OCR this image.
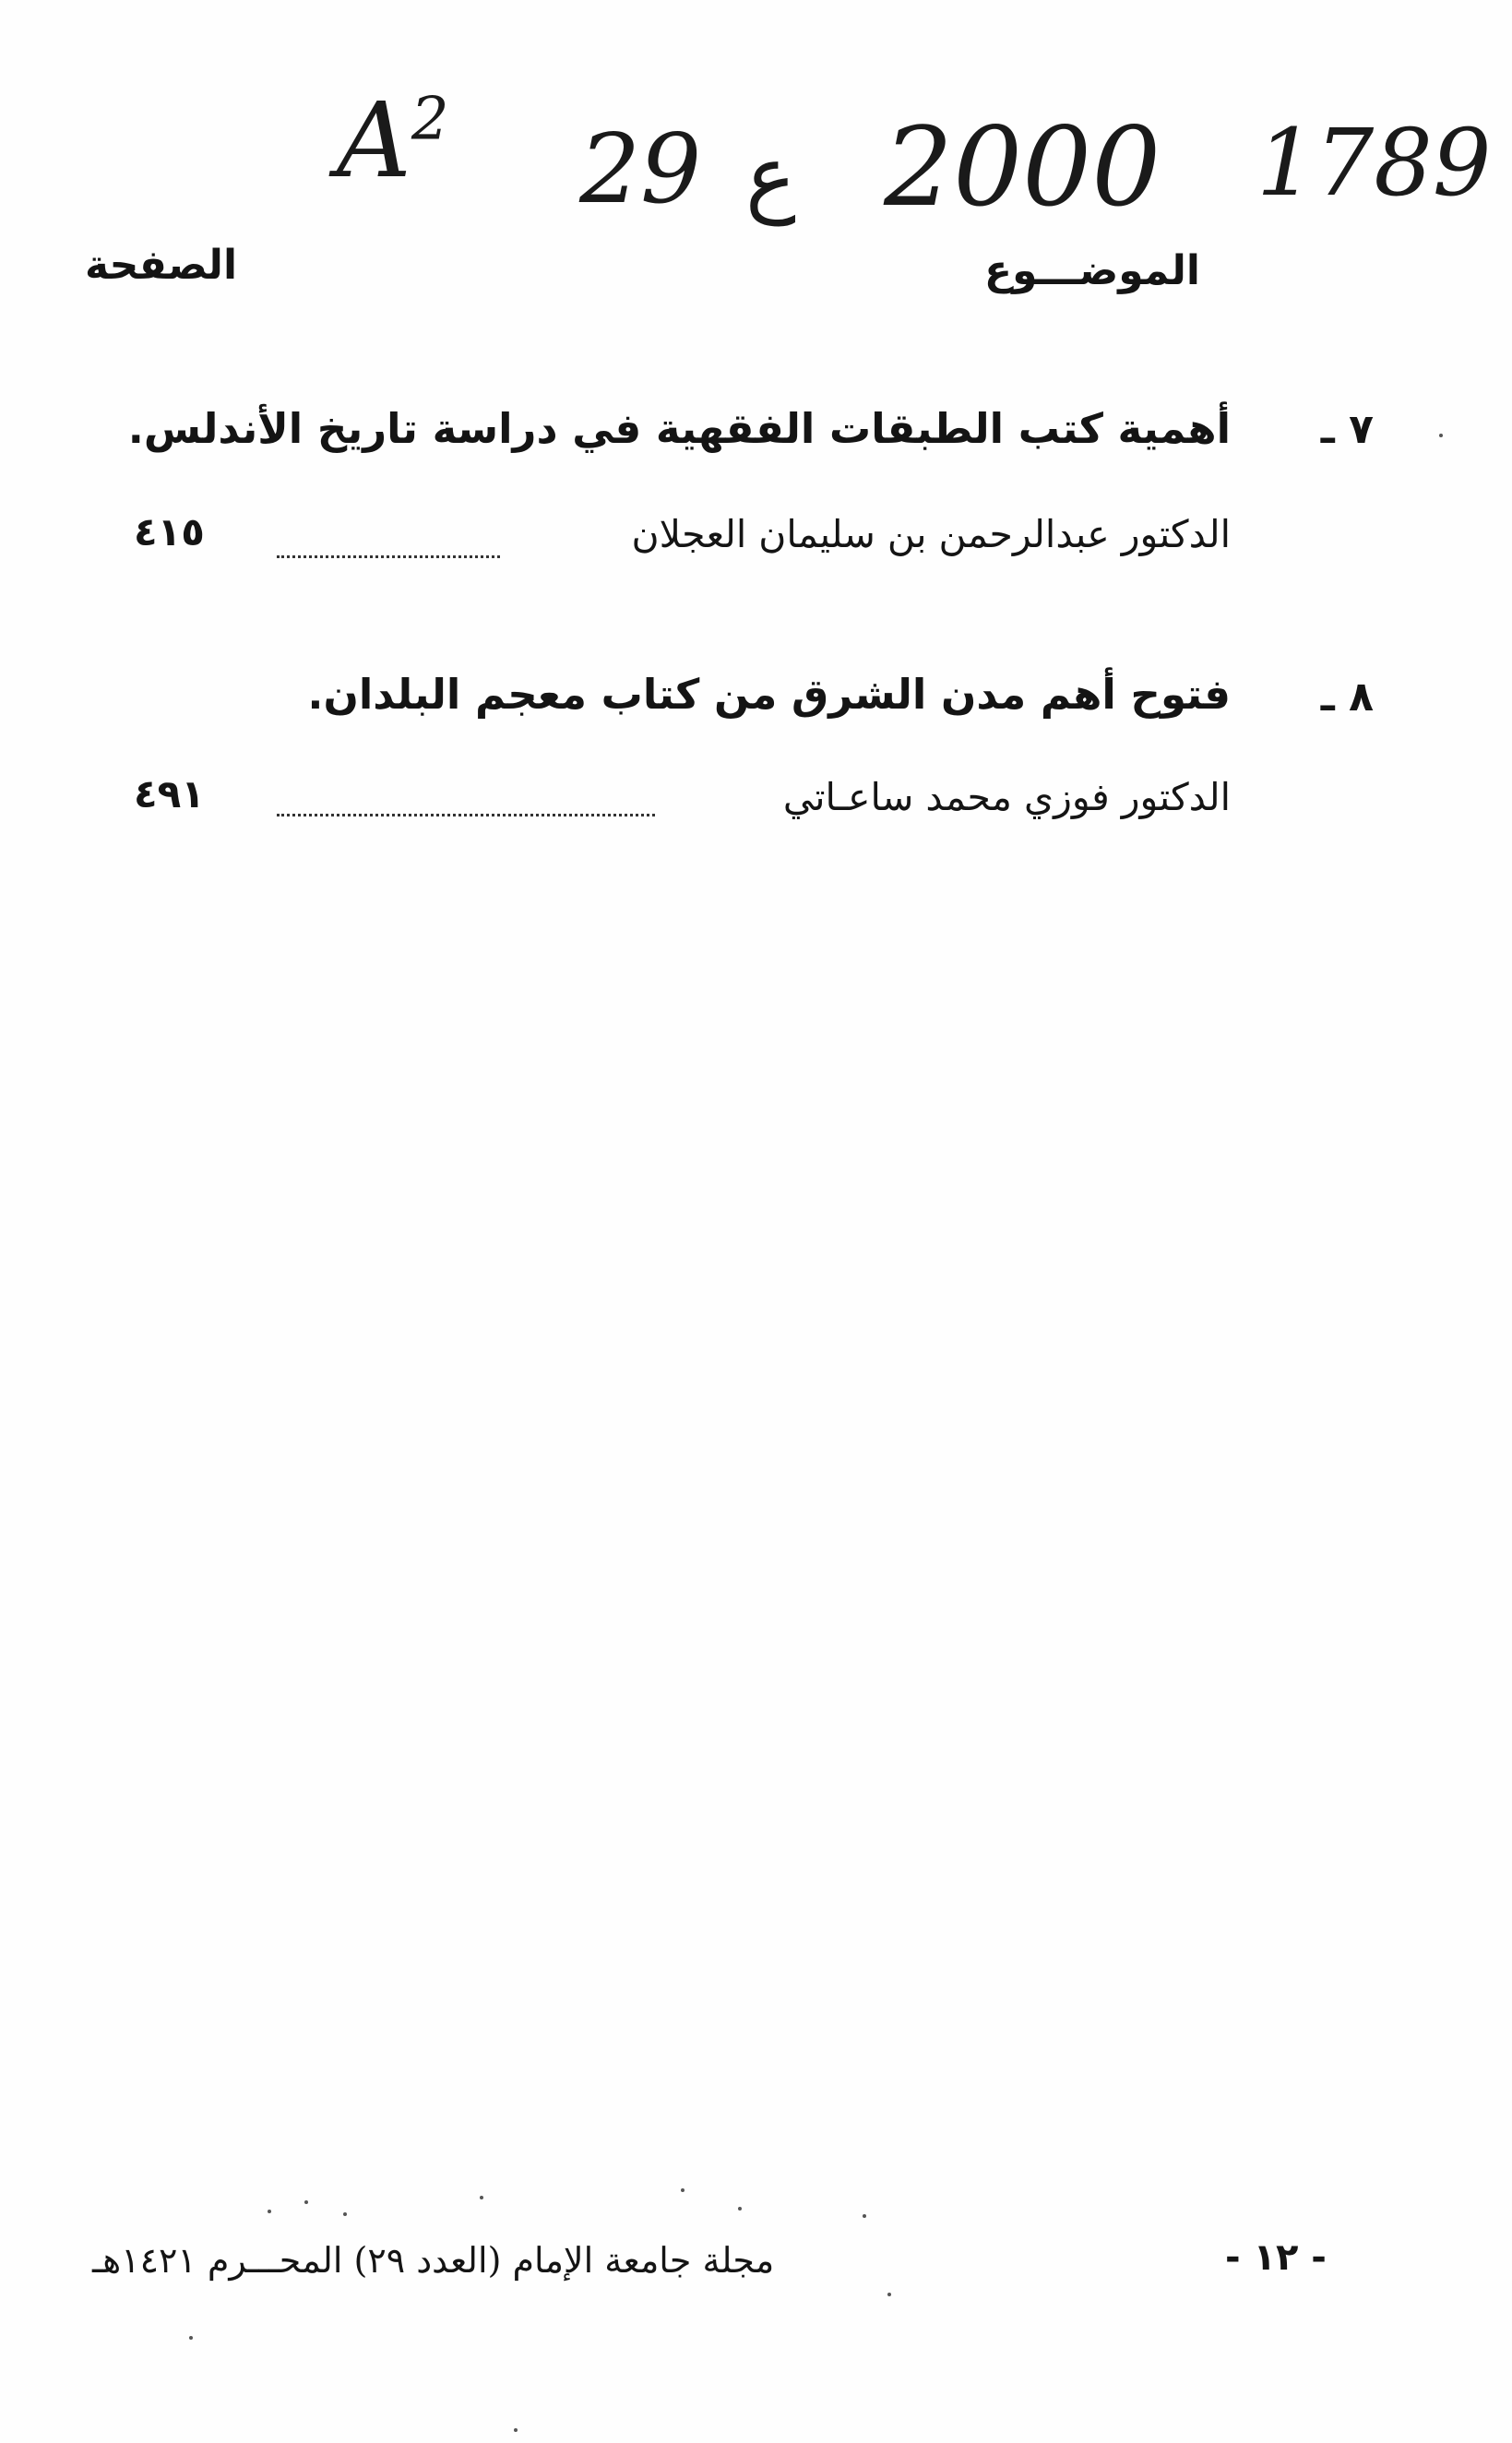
$A^2$ 29 ع 2000 1789
الموضـــوع
الصفحة
٧ ـ
أهمية كتب الطبقات الفقهية في دراسة تاريخ الأندلس.
الدكتور عبدالرحمن بن سليمان العجلان
٤١٥
٨ ـ
فتوح أهم مدن الشرق من كتاب معجم البلدان.
الدكتور فوزي محمد ساعـاتي
٤٩١
مجلة جامعة الإمام (العدد ٢٩) المحـــرم ١٤٢١هـ	- ١٢ -
